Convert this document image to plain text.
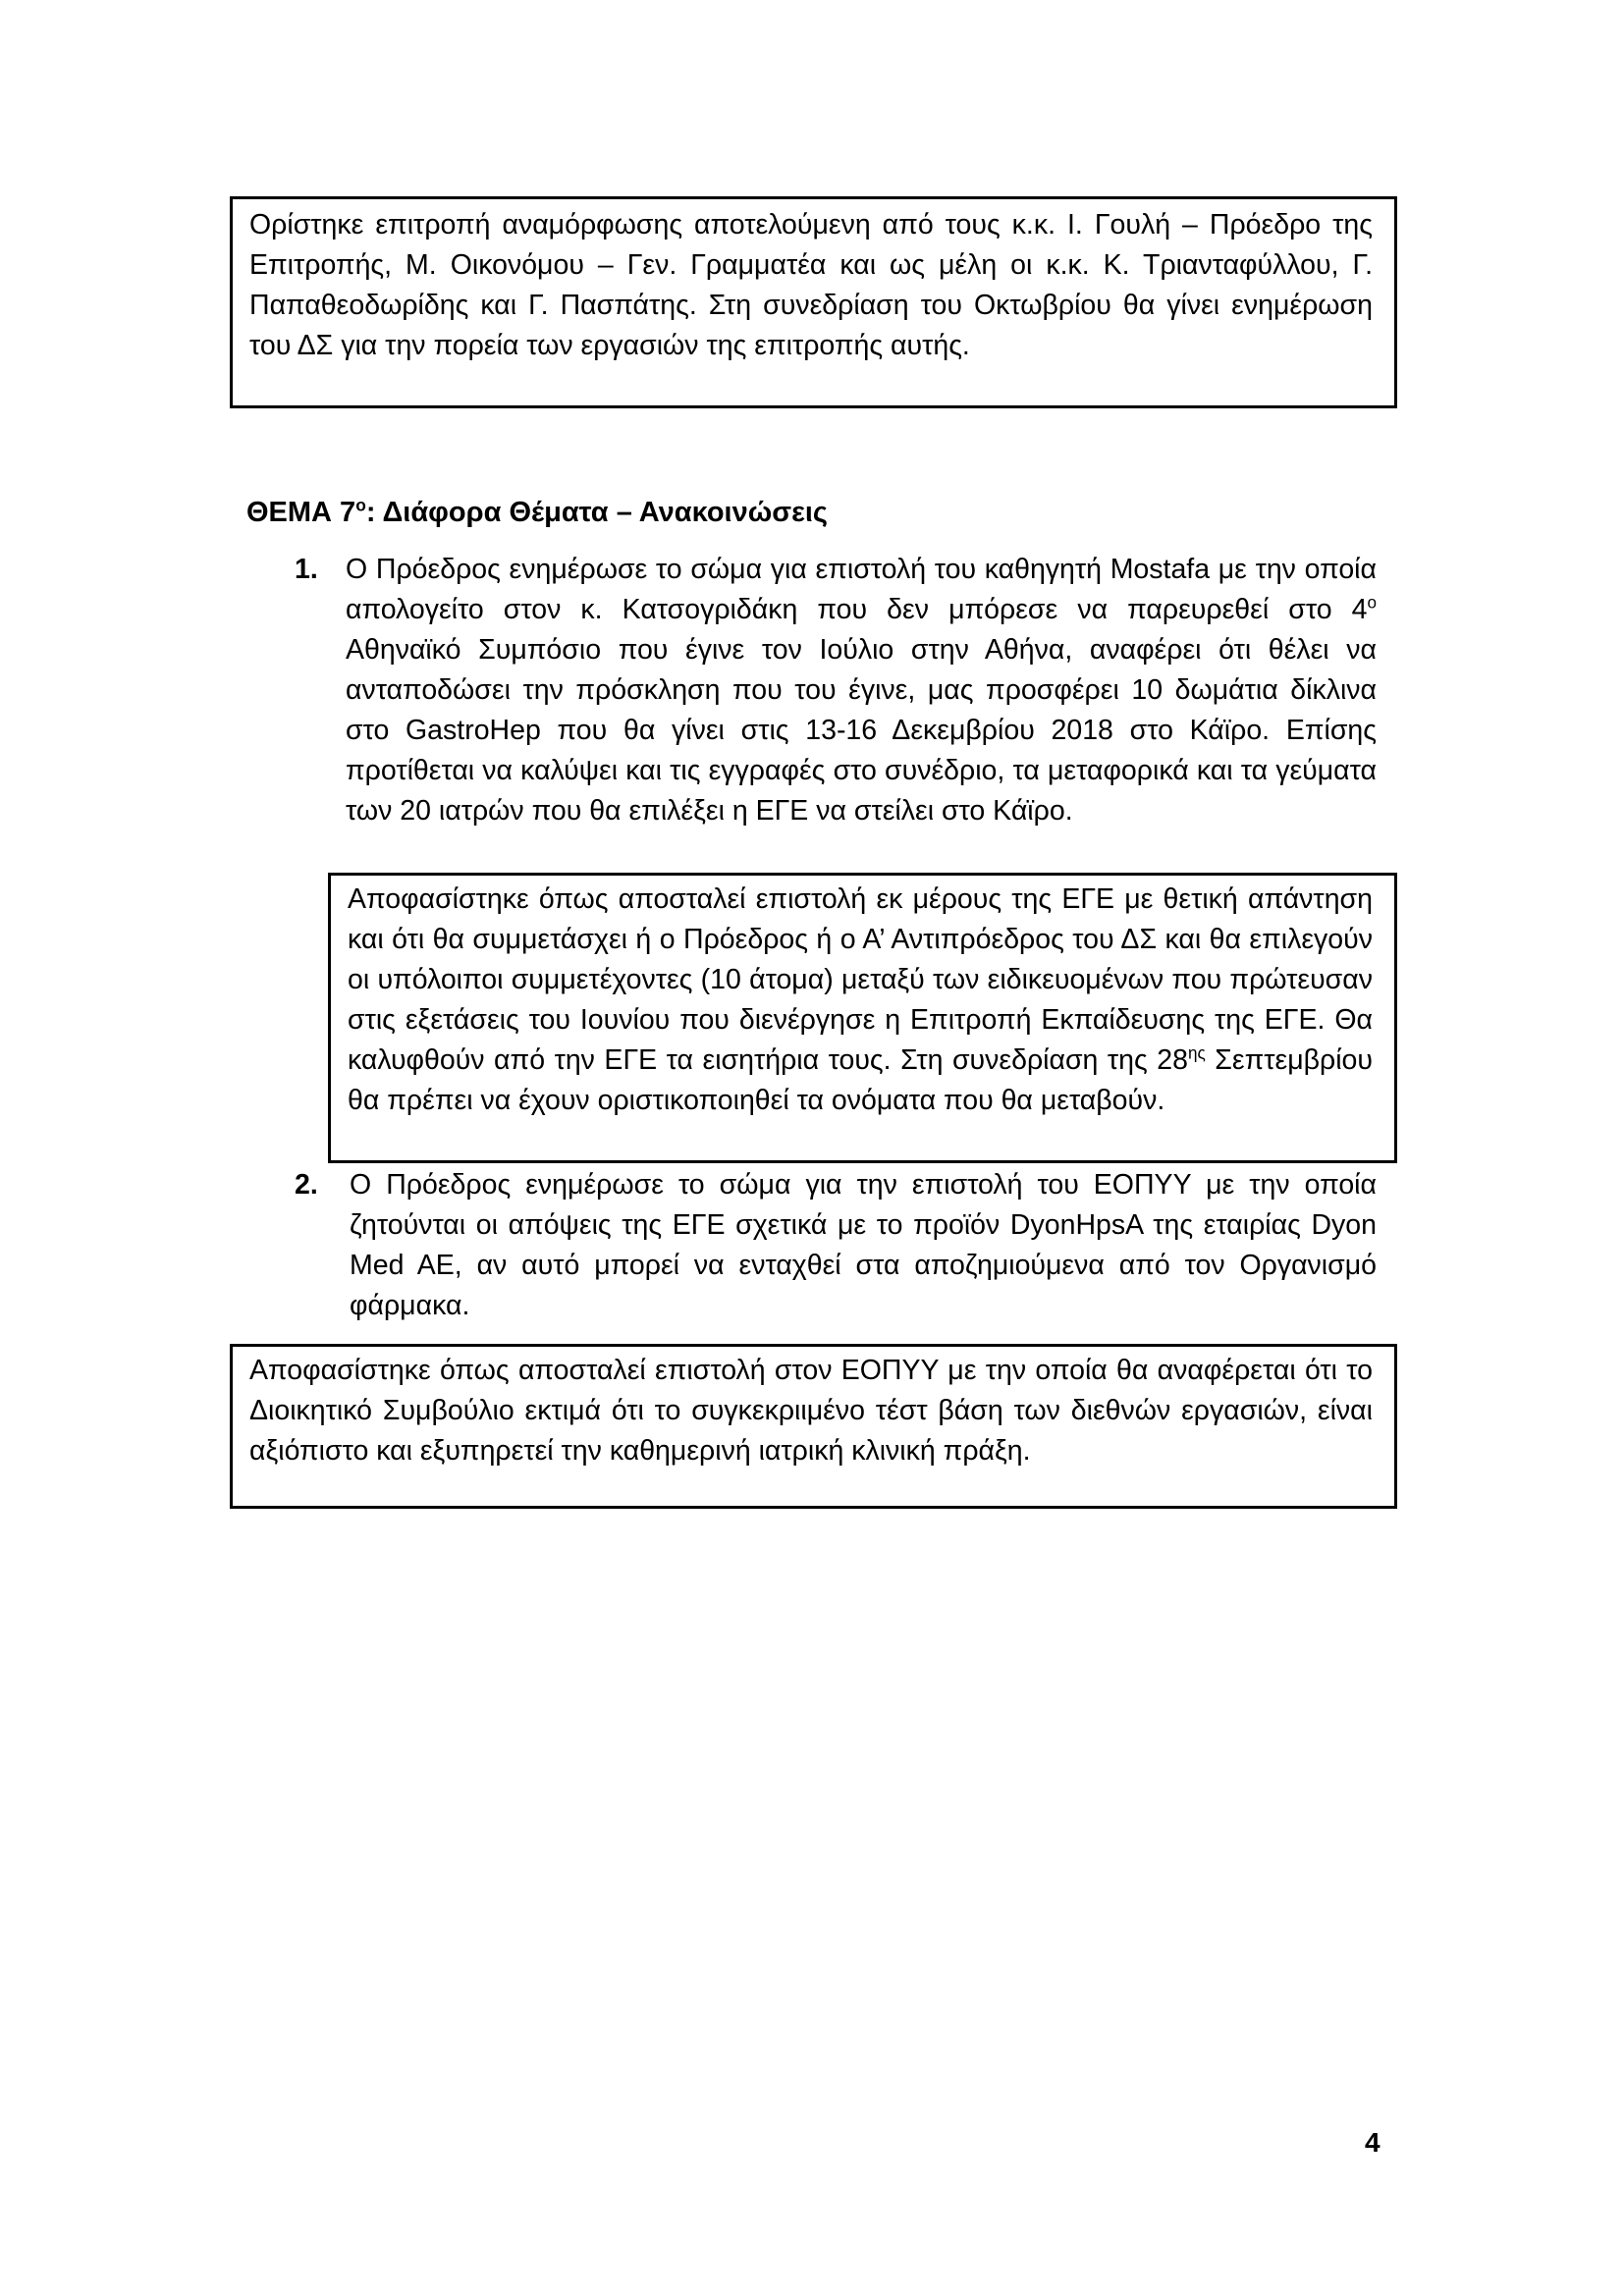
Ορίστηκε επιτροπή αναμόρφωσης αποτελούμενη από τους κ.κ. Ι. Γουλή – Πρόεδρο της Επιτροπής, Μ. Οικονόμου – Γεν. Γραμματέα και ως μέλη οι κ.κ. Κ. Τριανταφύλλου, Γ. Παπαθεοδωρίδης και Γ. Πασπάτης. Στη συνεδρίαση του Οκτωβρίου θα γίνει ενημέρωση του ΔΣ για την πορεία των εργασιών της επιτροπής αυτής.

ΘΕΜΑ $7^o$: Διάφορα Θέματα – Ανακοινώσεις
1. Ο Πρόεδρος ενημέρωσε το σώμα για επιστολή του καθηγητή Mostafa με την οποία απολογείτο στον κ. Κατσογριδάκη που δεν μπόρεσε να παρευρεθεί στο $4^o$ Αθηναϊκό Συμπόσιο που έγινε τον Ιούλιο στην Αθήνα, αναφέρει ότι θέλει να ανταποδώσει την πρόσκληση που του έγινε, μας προσφέρει 10 δωμάτια δίκλινα στο GastroHep που θα γίνει στις 13-16 Δεκεμβρίου 2018 στο Κάϊρο. Επίσης προτίθεται να καλύψει και τις εγγραφές στο συνέδριο, τα μεταφορικά και τα γεύματα των 20 ιατρών που θα επιλέξει η ΕΓΕ να στείλει στο Κάϊρο.

Αποφασίστηκε όπως αποσταλεί επιστολή εκ μέρους της ΕΓΕ με θετική απάντηση και ότι θα συμμετάσχει ή ο Πρόεδρος ή ο Α’ Αντιπρόεδρος του ΔΣ και θα επιλεγούν οι υπόλοιποι συμμετέχοντες (10 άτομα) μεταξύ των ειδικευομένων που πρώτευσαν στις εξετάσεις του Ιουνίου που διενέργησε η Επιτροπή Εκπαίδευσης της ΕΓΕ. Θα καλυφθούν από την ΕΓΕ τα εισητήρια τους. Στη συνεδρίαση της $28^{\eta\varsigma}$ Σεπτεμβρίου θα πρέπει να έχουν οριστικοποιηθεί τα ονόματα που θα μεταβούν.

2. Ο Πρόεδρος ενημέρωσε το σώμα για την επιστολή του ΕΟΠΥΥ με την οποία ζητούνται οι απόψεις της ΕΓΕ σχετικά με το προϊόν DyonHpsA της εταιρίας Dyon Med AE, αν αυτό μπορεί να ενταχθεί στα αποζημιούμενα από τον Οργανισμό φάρμακα.

Αποφασίστηκε όπως αποσταλεί επιστολή στον ΕΟΠΥΥ με την οποία θα αναφέρεται ότι το Διοικητικό Συμβούλιο εκτιμά ότι το συγκεκριιμένο τέστ βάση των διεθνών εργασιών, είναι αξιόπιστο και εξυπηρετεί την καθημερινή ιατρική κλινική πράξη.

4
